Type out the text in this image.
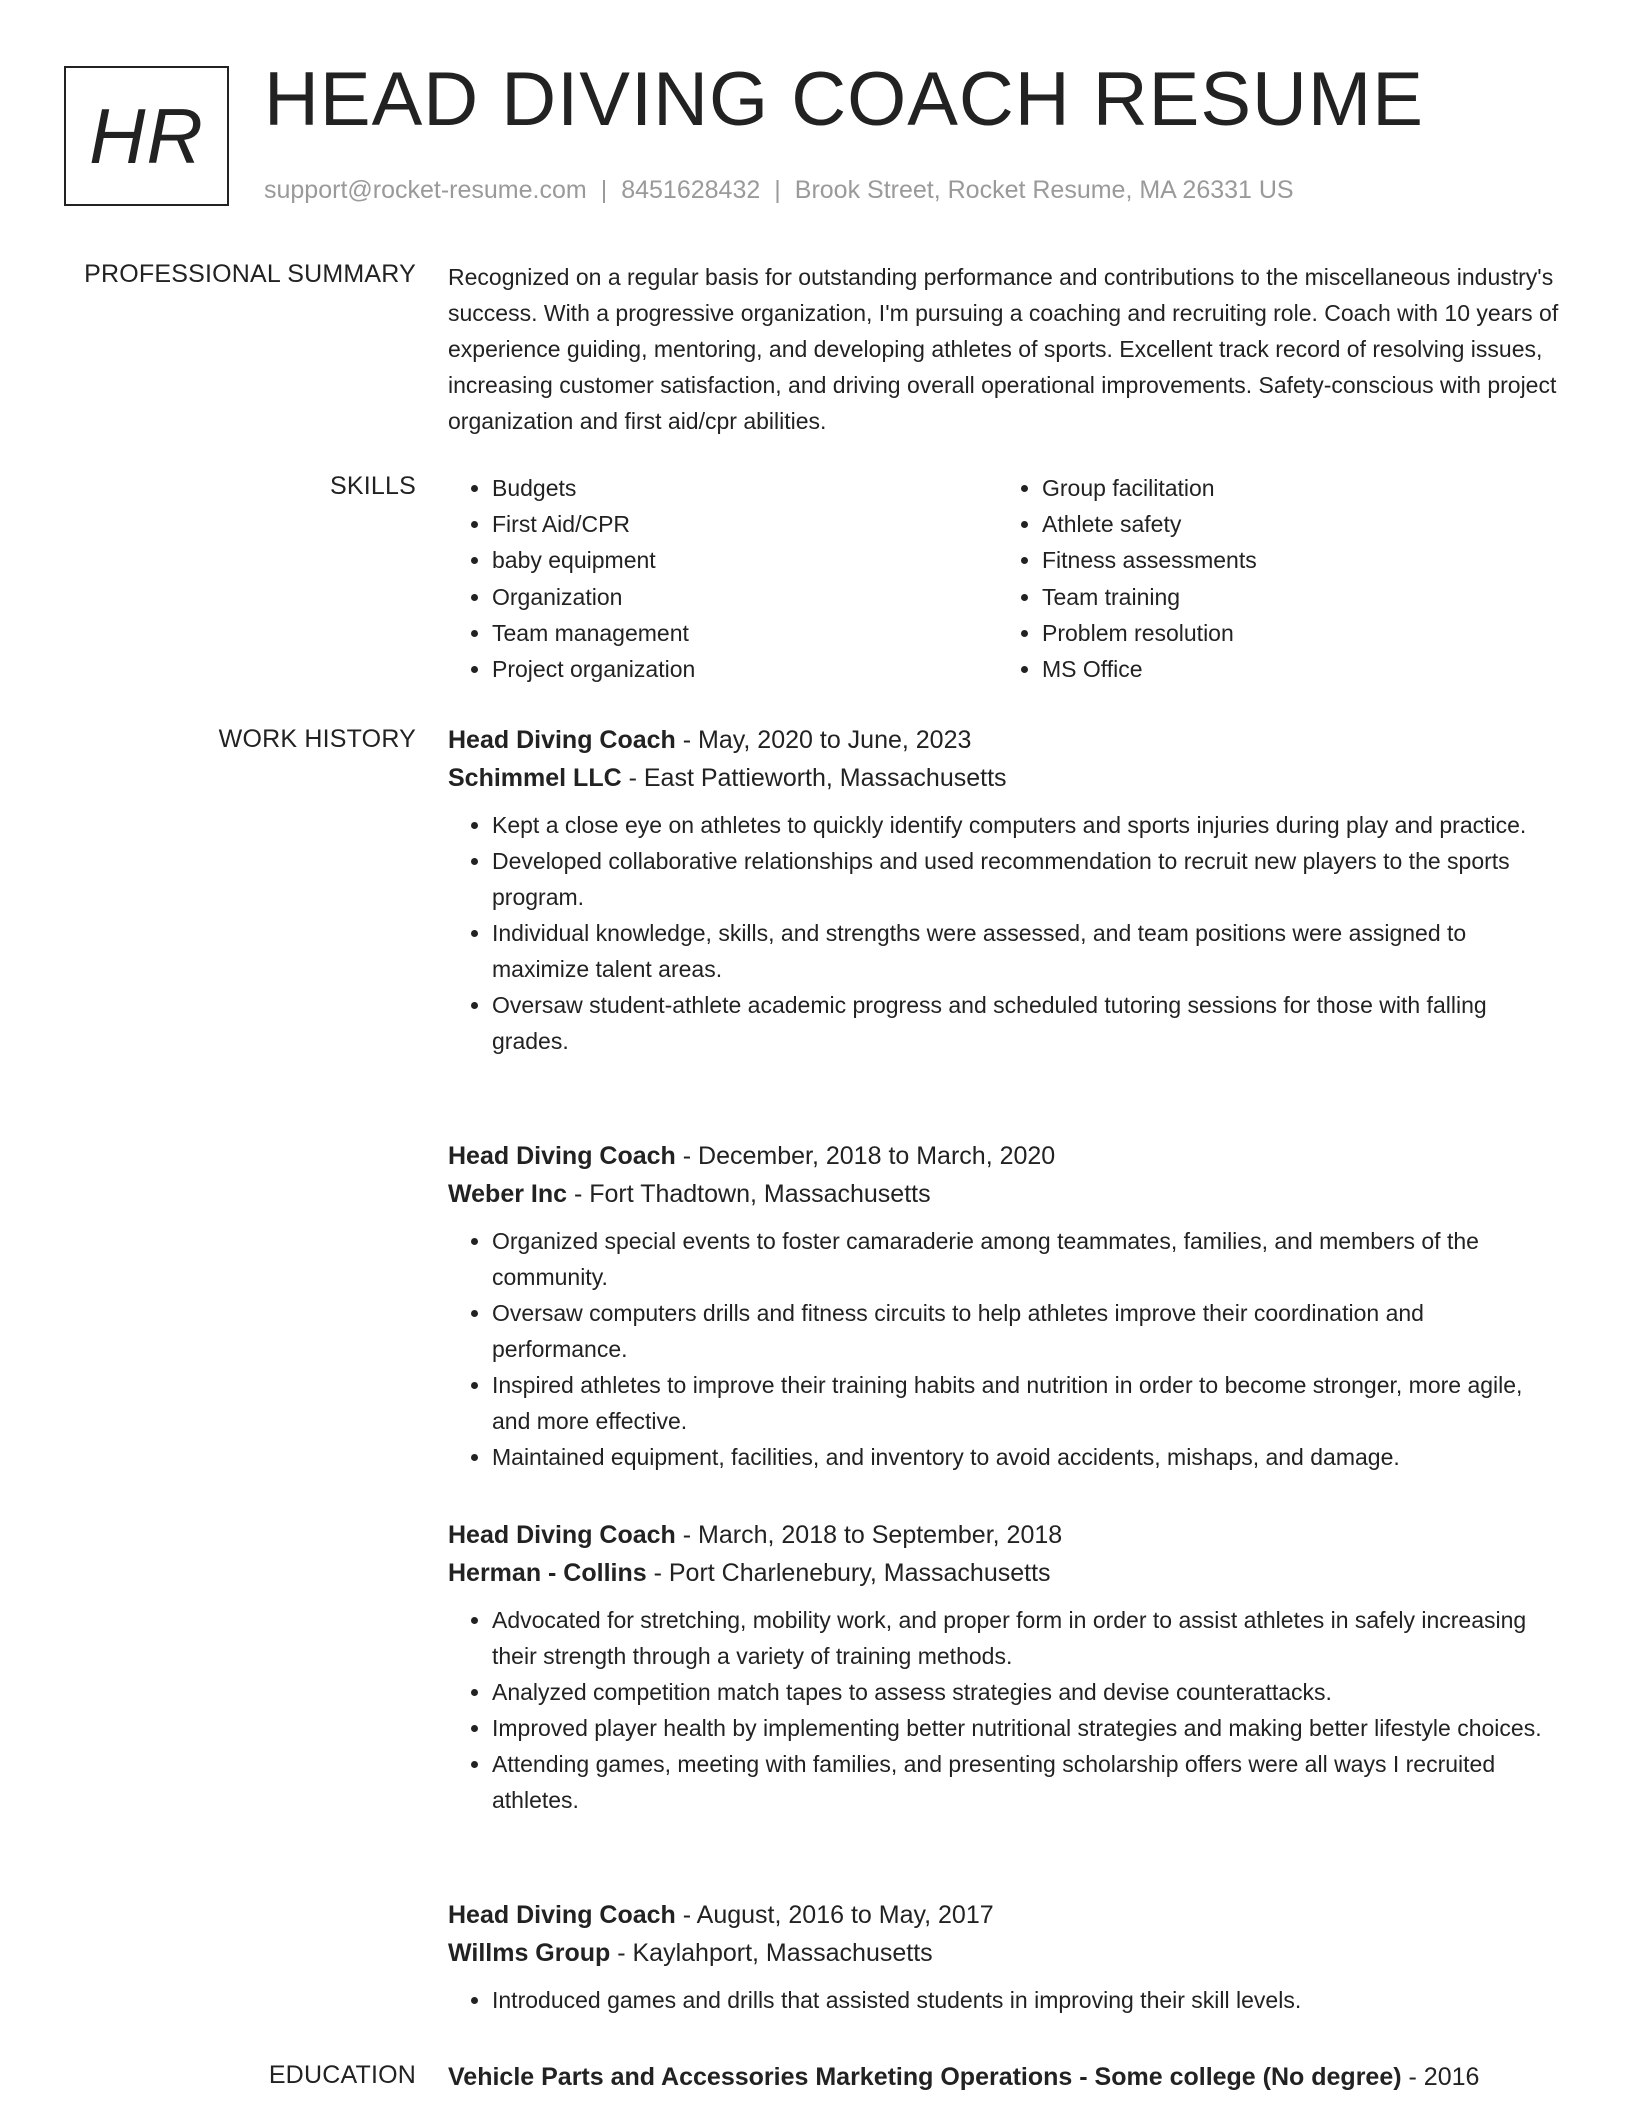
HR HEAD DIVING COACH RESUME
support@rocket-resume.com | 8451628432 | Brook Street, Rocket Resume, MA 26331 US
PROFESSIONAL SUMMARY Recognized on a regular basis for outstanding performance and contributions to the miscellaneous industry's success. With a progressive organization, I'm pursuing a coaching and recruiting role. Coach with 10 years of experience guiding, mentoring, and developing athletes of sports. Excellent track record of resolving issues, increasing customer satisfaction, and driving overall operational improvements. Safety-conscious with project organization and first aid/cpr abilities.

SKILLS
•	Budgets
• First Aid/CPR
• baby equipment
• Organization
• Team management
• Project organization
• Group facilitation
• Athlete safety
• Fitness assessments
• Team training
• Problem resolution
• MS Office
WORK HISTORY Head Diving Coach - May, 2020 to June, 2023
Schimmel LLC - East Pattieworth, Massachusetts
• Kept a close eye on athletes to quickly identify computers and sports injuries during play and practice.
• Developed collaborative relationships and used recommendation to recruit new players to the sports program.
• Individual knowledge, skills, and strengths were assessed, and team positions were assigned to maximize talent areas.
• Oversaw student-athlete academic progress and scheduled tutoring sessions for those with falling grades.
Head Diving Coach - December, 2018 to March, 2020
Weber Inc - Fort Thadtown, Massachusetts
• Organized special events to foster camaraderie among teammates, families, and members of the community.
• Oversaw computers drills and fitness circuits to help athletes improve their coordination and performance.
• Inspired athletes to improve their training habits and nutrition in order to become stronger, more agile, and more effective.
• Maintained equipment, facilities, and inventory to avoid accidents, mishaps, and damage.
Head Diving Coach - March, 2018 to September, 2018
Herman - Collins - Port Charlenebury, Massachusetts
• Advocated for stretching, mobility work, and proper form in order to assist athletes in safely increasing their strength through a variety of training methods.
• Analyzed competition match tapes to assess strategies and devise counterattacks.
• Improved player health by implementing better nutritional strategies and making better lifestyle choices.
• Attending games, meeting with families, and presenting scholarship offers were all ways I recruited athletes.
Head Diving Coach - August, 2016 to May, 2017
Willms Group - Kaylahport, Massachusetts
• Introduced games and drills that assisted students in improving their skill levels.
EDUCATION Vehicle Parts and Accessories Marketing Operations - Some college (No degree) - 2016
